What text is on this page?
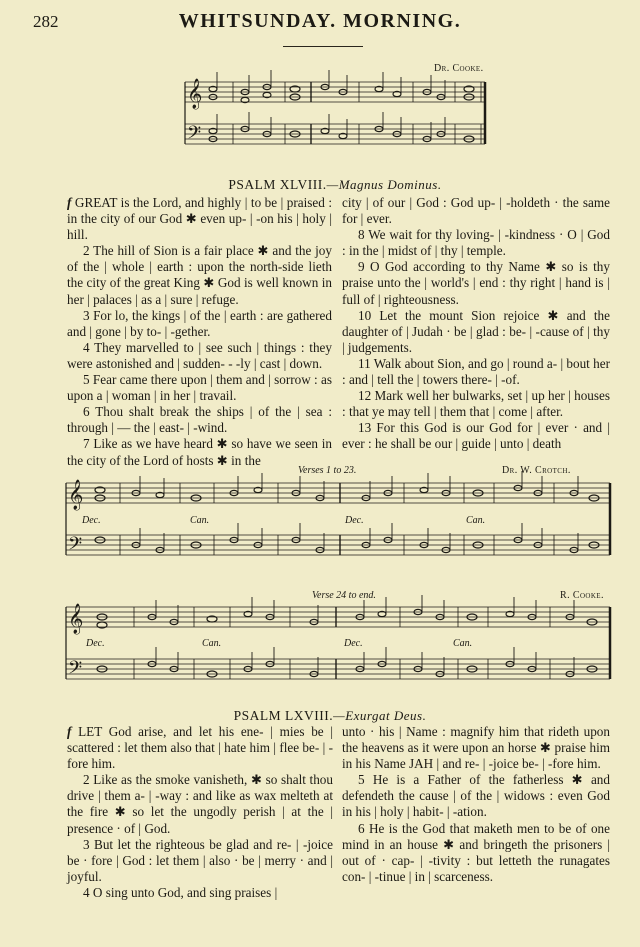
282	WHITSUNDAY. MORNING.
Dr. Cooke.
𝄞
𝄢
PSALM XLVIII.—Magnus Dominus.

f GREAT is the Lord, and highly | to be | praised : in the city of our God ✱ even up- | -on his | holy | hill.

2 The hill of Sion is a fair place ✱ and the joy of the | whole | earth : upon the north-side lieth the city of the great King ✱ God is well known in her | palaces | as a | sure | refuge.

3 For lo, the kings | of the | earth : are gathered and | gone | by to- | -gether.

4 They marvelled to | see such | things : they were astonished and | sudden- - -ly | cast | down.

5 Fear came there upon | them and | sorrow : as upon a | woman | in her | travail.

6 Thou shalt break the ships | of the | sea : through | — the | east- | -wind.

7 Like as we have heard ✱ so have we seen in the city of the Lord of hosts ✱ in the

city | of our | God : God up- | -holdeth · the same for | ever.

8 We wait for thy loving- | -kindness · O | God : in the | midst of | thy | temple.

9 O God according to thy Name ✱ so is thy praise unto the | world's | end : thy right | hand is | full of | righteousness.

10 Let the mount Sion rejoice ✱ and the daughter of | Judah · be | glad : be- | -cause of | thy | judgements.

11 Walk about Sion, and go | round a- | bout her : and | tell the | towers there- | -of.

12 Mark well her bulwarks, set | up her | houses : that ye may tell | them that | come | after.

13 For this God is our God for | ever · and | ever : he shall be our | guide | unto | death

Verses 1 to 23.	Dr. W. Crotch.
𝄞
𝄢
Dec.	Can.	Dec.	Can.
Verse 24 to end.	R. Cooke.
𝄞
𝄢
Dec.	Can.	Dec.	Can.
PSALM LXVIII.—Exurgat Deus.

f LET God arise, and let his ene- | mies be | scattered : let them also that | hate him | flee be- | -fore him.

2 Like as the smoke vanisheth, ✱ so shalt thou drive | them a- | -way : and like as wax melteth at the fire ✱ so let the ungodly perish | at the | presence · of | God.

3 But let the righteous be glad and re- | -joice be · fore | God : let them | also · be | merry · and | joyful.

4 O sing unto God, and sing praises |

unto · his | Name : magnify him that rideth upon the heavens as it were upon an horse ✱ praise him in his Name JAH | and re- | -joice be- | -fore him.

5 He is a Father of the fatherless ✱ and defendeth the cause | of the | widows : even God in his | holy | habit- | -ation.

6 He is the God that maketh men to be of one mind in an house ✱ and bringeth the prisoners | out of · cap- | -tivity : but letteth the runagates con- | -tinue | in | scarceness.
